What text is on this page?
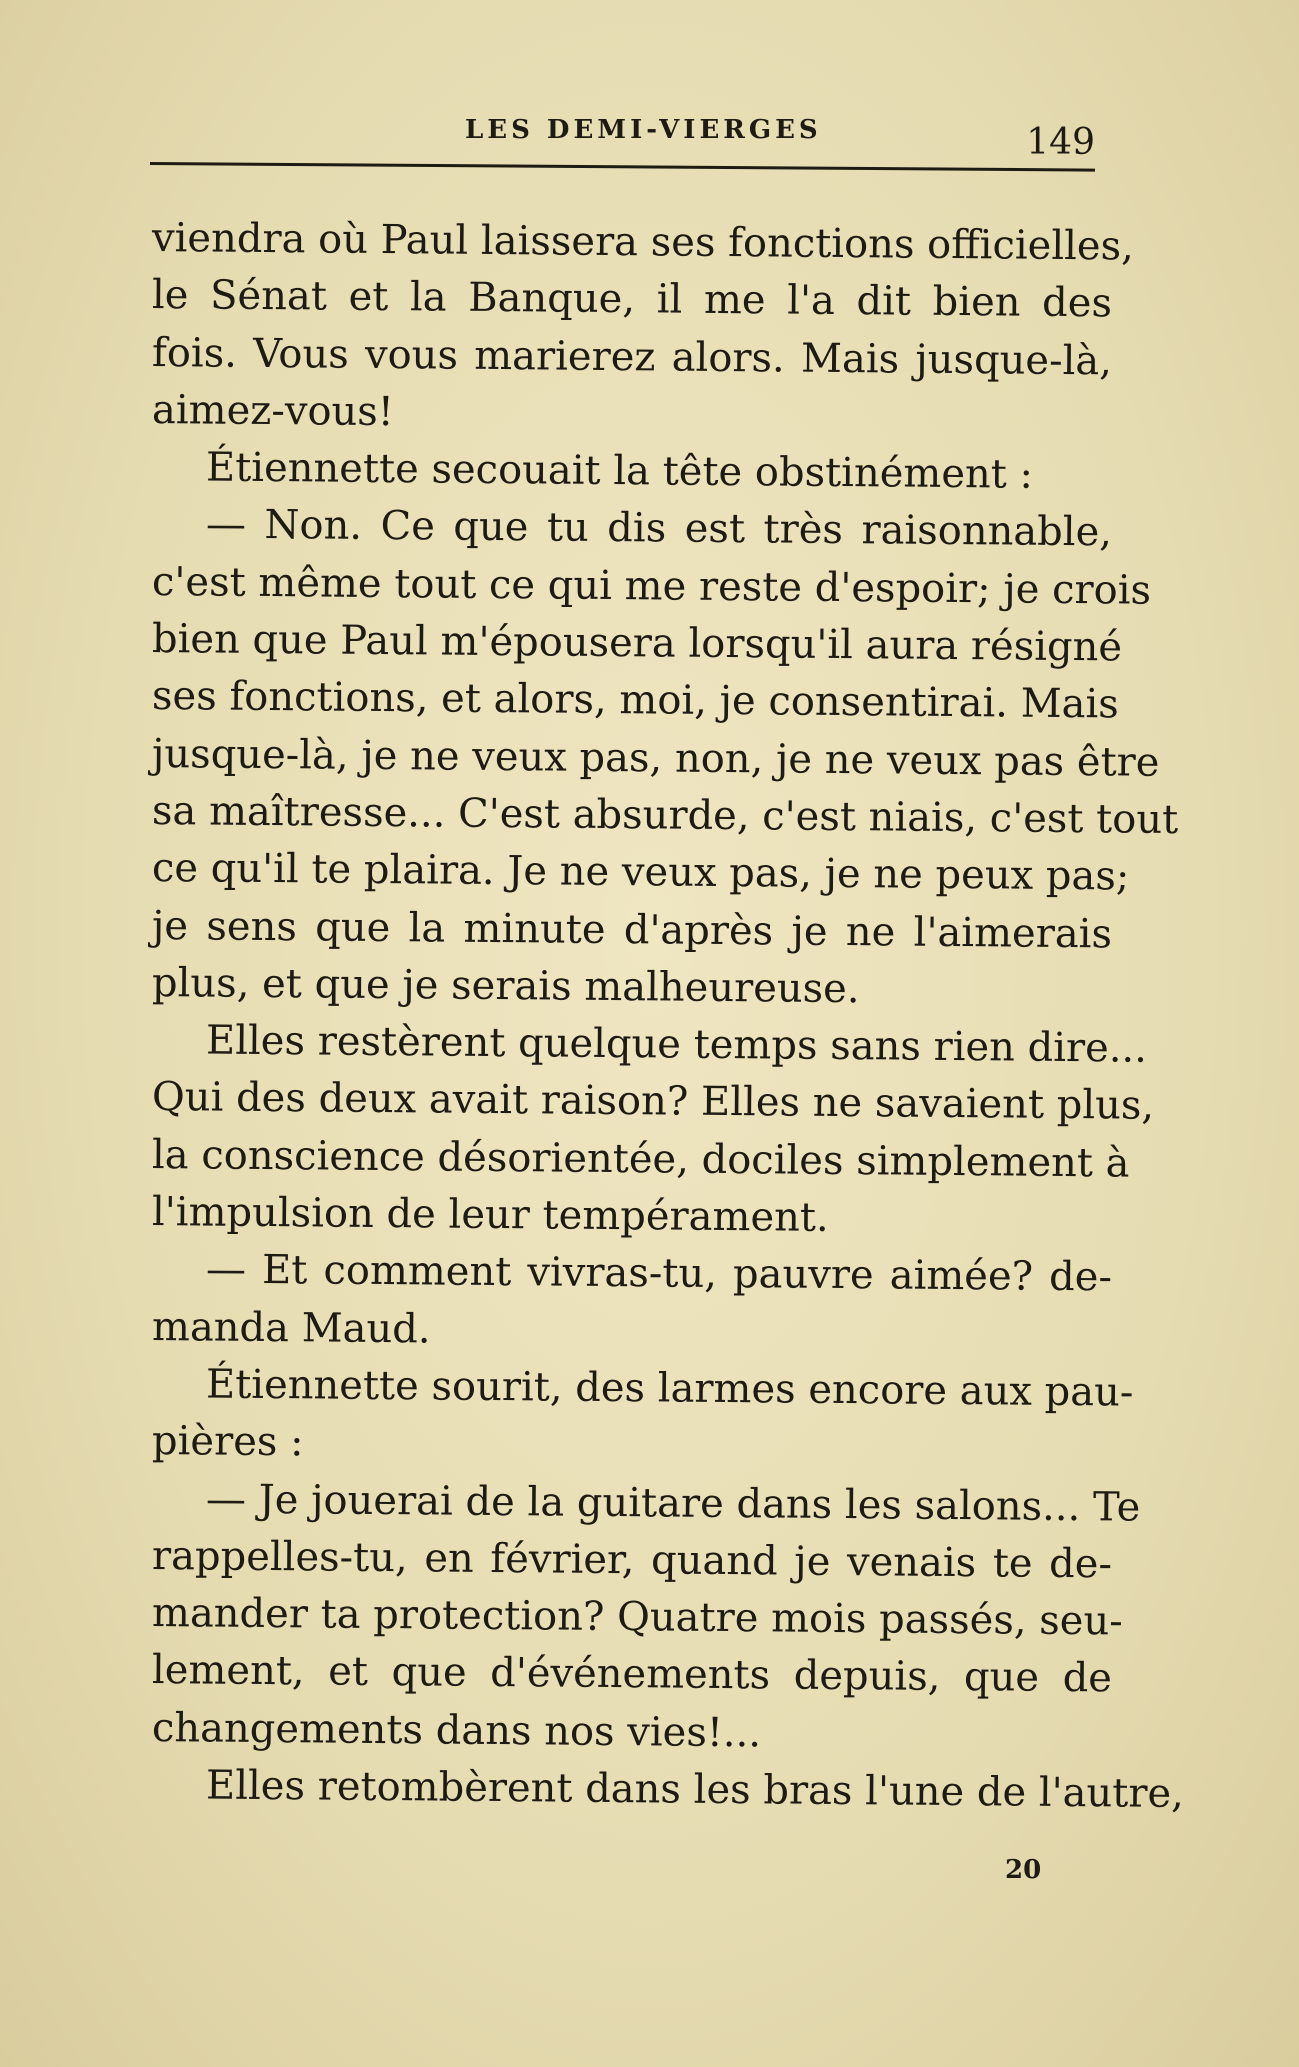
LES DEMI-VIERGES	149
viendra où Paul laissera ses fonctions officielles,
le Sénat et la Banque, il me l'a dit bien des
fois. Vous vous marierez alors. Mais jusque-là,
aimez-vous!
Étiennette secouait la tête obstinément :
— Non. Ce que tu dis est très raisonnable,
c'est même tout ce qui me reste d'espoir; je crois
bien que Paul m'épousera lorsqu'il aura résigné
ses fonctions, et alors, moi, je consentirai. Mais
jusque-là, je ne veux pas, non, je ne veux pas être
sa maîtresse... C'est absurde, c'est niais, c'est tout
ce qu'il te plaira. Je ne veux pas, je ne peux pas;
je sens que la minute d'après je ne l'aimerais
plus, et que je serais malheureuse.
Elles restèrent quelque temps sans rien dire...
Qui des deux avait raison? Elles ne savaient plus,
la conscience désorientée, dociles simplement à
l'impulsion de leur tempérament.
— Et comment vivras-tu, pauvre aimée? de-
manda Maud.
Étiennette sourit, des larmes encore aux pau-
pières :
— Je jouerai de la guitare dans les salons... Te
rappelles-tu, en février, quand je venais te de-
mander ta protection? Quatre mois passés, seu-
lement, et que d'événements depuis, que de
changements dans nos vies!...
Elles retombèrent dans les bras l'une de l'autre,
20
